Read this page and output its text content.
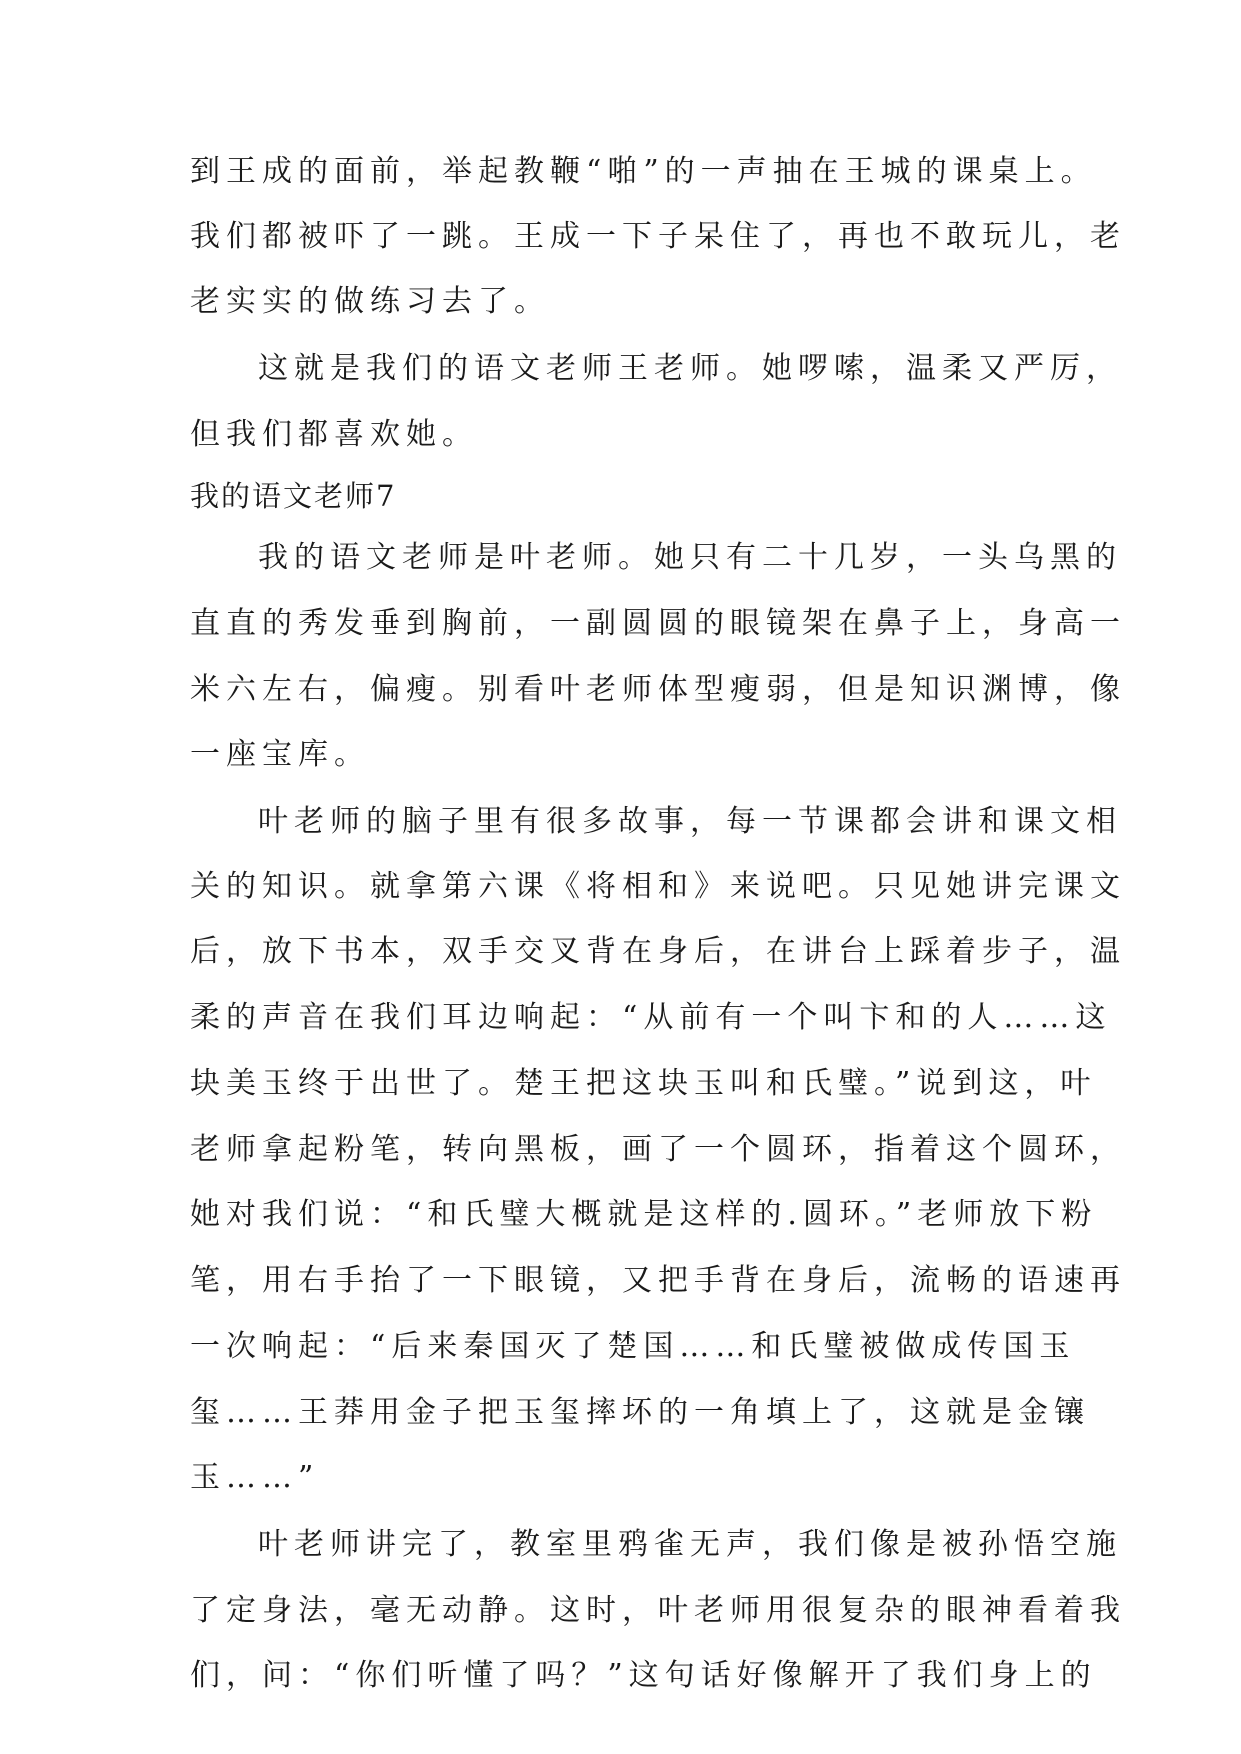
到王成的面前，举起教鞭“啪”的一声抽在王城的课桌上。

我们都被吓了一跳。王成一下子呆住了，再也不敢玩儿，老

老实实的做练习去了。

这就是我们的语文老师王老师。她啰嗦，温柔又严厉，

但我们都喜欢她。

我的语文老师7

我的语文老师是叶老师。她只有二十几岁，一头乌黑的

直直的秀发垂到胸前，一副圆圆的眼镜架在鼻子上，身高一

米六左右，偏瘦。别看叶老师体型瘦弱，但是知识渊博，像

一座宝库。

叶老师的脑子里有很多故事，每一节课都会讲和课文相

关的知识。就拿第六课《将相和》来说吧。只见她讲完课文

后，放下书本，双手交叉背在身后，在讲台上踩着步子，温

柔的声音在我们耳边响起：“从前有一个叫卞和的人……这

块美玉终于出世了。楚王把这块玉叫和氏璧。”说到这，叶

老师拿起粉笔，转向黑板，画了一个圆环，指着这个圆环，

她对我们说：“和氏璧大概就是这样的.圆环。”老师放下粉

笔，用右手抬了一下眼镜，又把手背在身后，流畅的语速再

一次响起：“后来秦国灭了楚国……和氏璧被做成传国玉

玺……王莽用金子把玉玺摔坏的一角填上了，这就是金镶

玉……”

叶老师讲完了，教室里鸦雀无声，我们像是被孙悟空施

了定身法，毫无动静。这时，叶老师用很复杂的眼神看着我

们，问：“你们听懂了吗？”这句话好像解开了我们身上的
